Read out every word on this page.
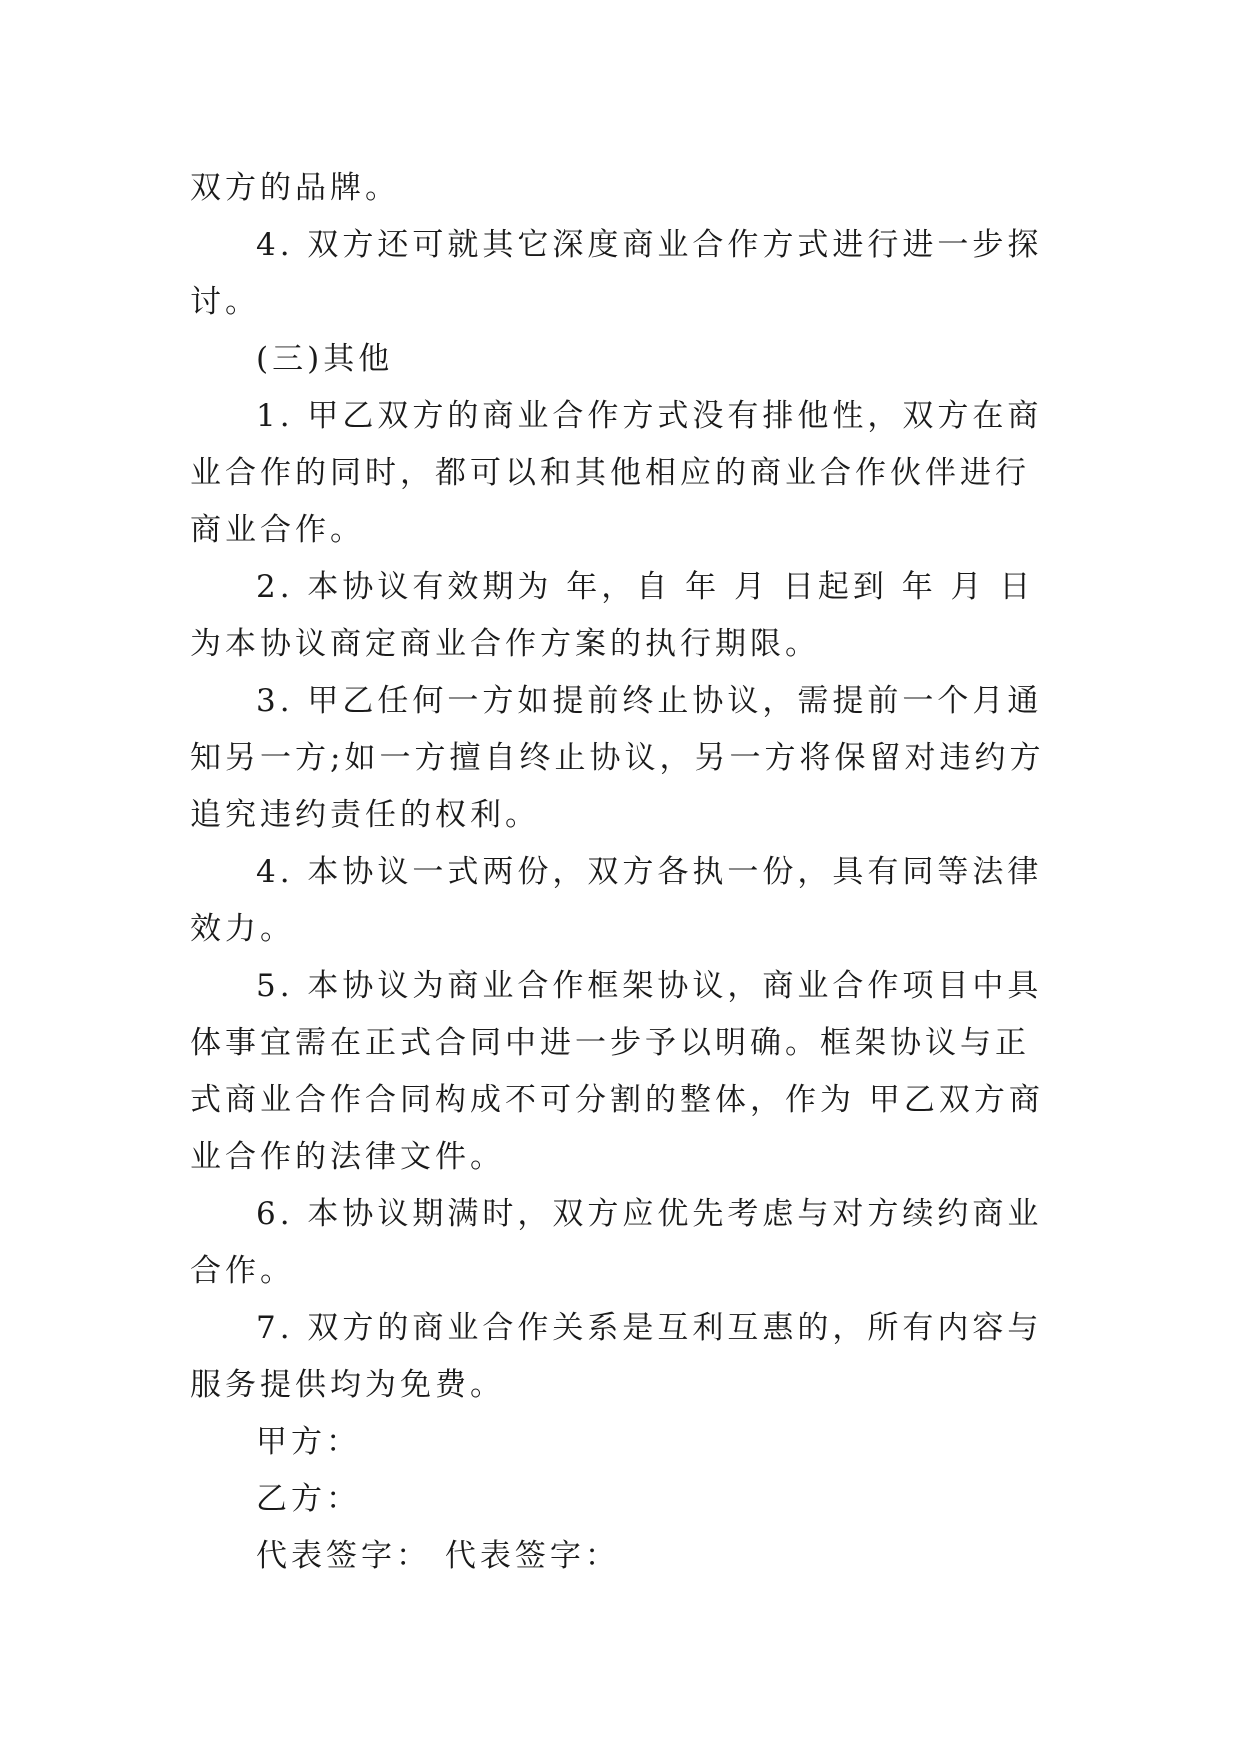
双方的品牌。

4. 双方还可就其它深度商业合作方式进行进一步探讨。

(三)其他

1. 甲乙双方的商业合作方式没有排他性，双方在商业合作的同时，都可以和其他相应的商业合作伙伴进行商业合作。

2. 本协议有效期为 年，自 年 月 日起到 年 月 日为本协议商定商业合作方案的执行期限。

3. 甲乙任何一方如提前终止协议，需提前一个月通知另一方;如一方擅自终止协议，另一方将保留对违约方追究违约责任的权利。

4. 本协议一式两份，双方各执一份，具有同等法律效力。

5. 本协议为商业合作框架协议，商业合作项目中具体事宜需在正式合同中进一步予以明确。框架协议与正式商业合作合同构成不可分割的整体，作为 甲乙双方商业合作的法律文件。

6. 本协议期满时，双方应优先考虑与对方续约商业合作。

7. 双方的商业合作关系是互利互惠的，所有内容与服务提供均为免费。

甲方：

乙方：

代表签字： 代表签字：
